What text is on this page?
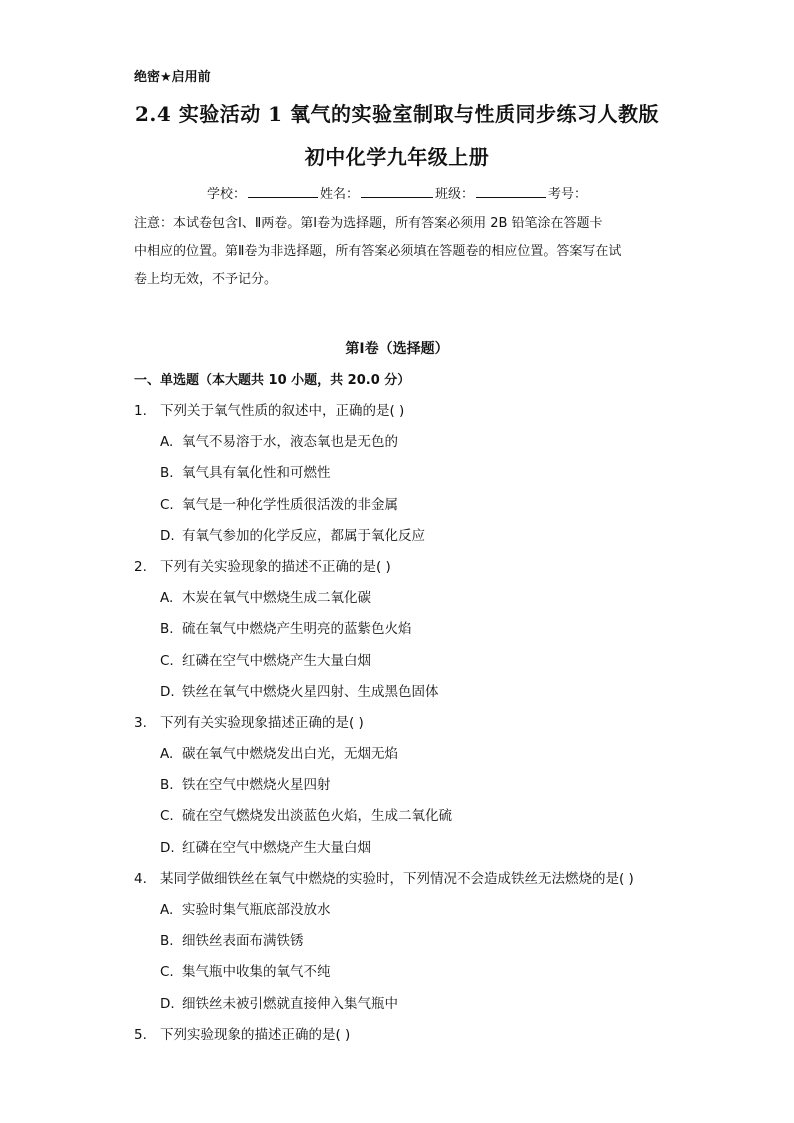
绝密★启用前
2.4 实验活动 1 氧气的实验室制取与性质同步练习人教版
初中化学九年级上册
学校：	姓名：	班级：	考号：
注意：本试卷包含Ⅰ、Ⅱ两卷。第Ⅰ卷为选择题，所有答案必须用 2B 铅笔涂在答题卡
中相应的位置。第Ⅱ卷为非选择题，所有答案必须填在答题卷的相应位置。答案写在试
卷上均无效，不予记分。
第Ⅰ卷（选择题）
一、单选题（本大题共 10 小题，共 20.0 分）
1. 下列关于氧气性质的叙述中，正确的是( )
A. 氧气不易溶于水，液态氧也是无色的
B. 氧气具有氧化性和可燃性
C. 氧气是一种化学性质很活泼的非金属
D. 有氧气参加的化学反应，都属于氧化反应
2. 下列有关实验现象的描述不正确的是( )
A. 木炭在氧气中燃烧生成二氧化碳
B. 硫在氧气中燃烧产生明亮的蓝紫色火焰
C. 红磷在空气中燃烧产生大量白烟
D. 铁丝在氧气中燃烧火星四射、生成黑色固体
3. 下列有关实验现象描述正确的是( )
A. 碳在氧气中燃烧发出白光，无烟无焰
B. 铁在空气中燃烧火星四射
C. 硫在空气燃烧发出淡蓝色火焰，生成二氧化硫
D. 红磷在空气中燃烧产生大量白烟
4. 某同学做细铁丝在氧气中燃烧的实验时，下列情况不会造成铁丝无法燃烧的是( )
A. 实验时集气瓶底部没放水
B. 细铁丝表面布满铁锈
C. 集气瓶中收集的氧气不纯
D. 细铁丝未被引燃就直接伸入集气瓶中
5. 下列实验现象的描述正确的是( )
